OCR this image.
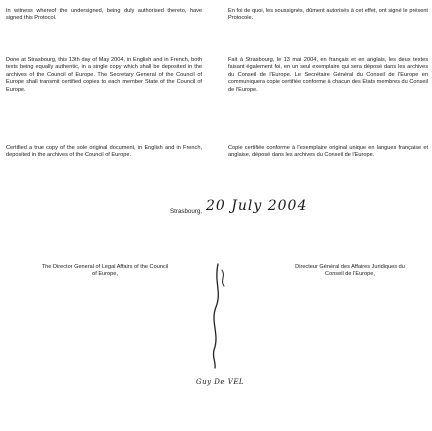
In witness whereof the undersigned, being duly authorised thereto, have signed this Protocol.

Done at Strasbourg, this 13th day of May 2004, in English and in French, both texts being equally authentic, in a single copy which shall be deposited in the archives of the Council of Europe. The Secretary General of the Council of Europe shall transmit certified copies to each member State of the Council of Europe.

Certified a true copy of the sole original document, in English and in French, deposited in the archives of the Council of Europe.

En foi de quoi, les soussignés, dûment autorisés à cet effet, ont signé le présent Protocole.

Fait à Strasbourg, le 13 mai 2004, en français et en anglais, les deux textes faisant également foi, en un seul exemplaire qui sera déposé dans les archives du Conseil de l'Europe. Le Secrétaire Général du Conseil de l'Europe en communiquera copie certifiée conforme à chacun des Etats membres du Conseil de l'Europe.

Copie certifiée conforme à l'exemplaire original unique en langues française et anglaise, déposé dans les archives du Conseil de l'Europe.

Strasbourg, 20 July 2004
The Director General of Legal Affairs of the Council of Europe,
Directeur Général des Affaires Juridiques du Conseil de l'Europe,
Guy De VEL
